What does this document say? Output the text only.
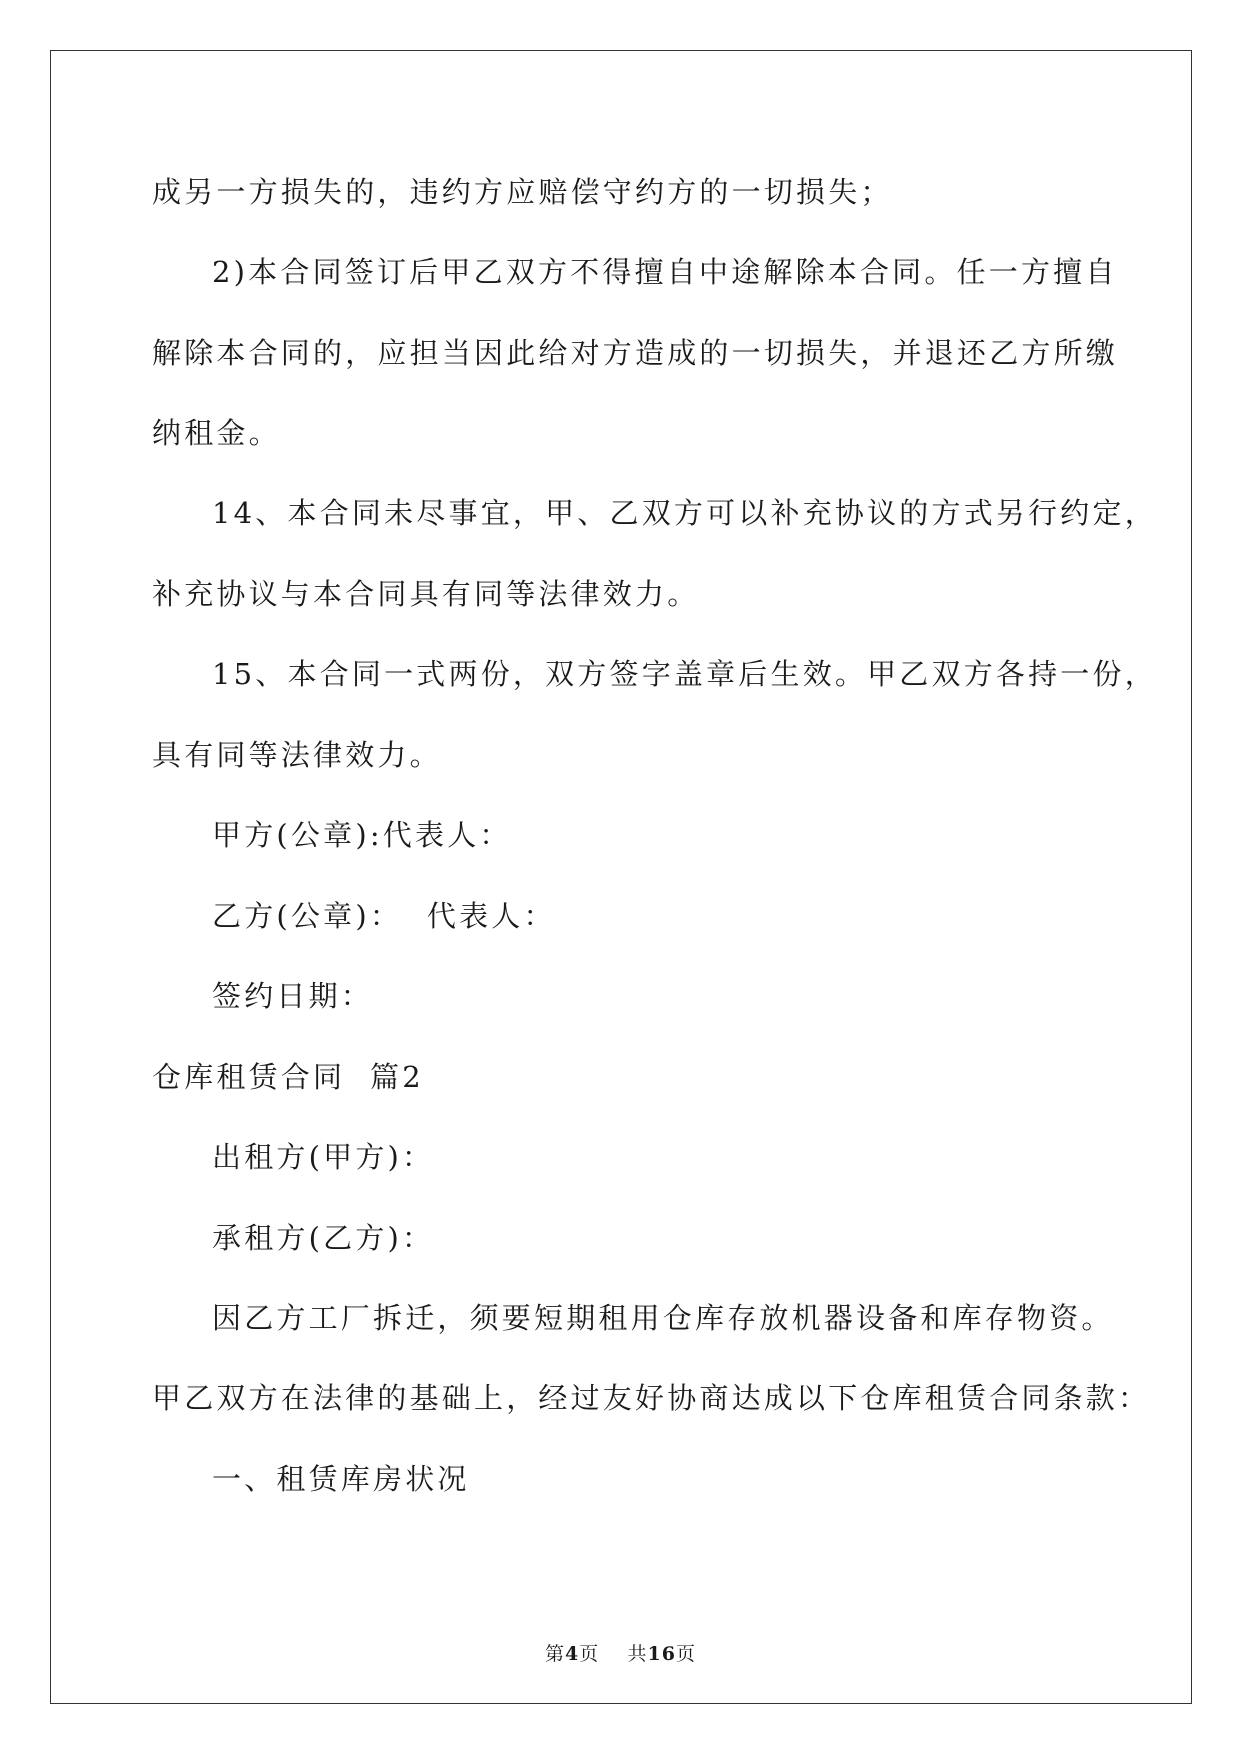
成另一方损失的，违约方应赔偿守约方的一切损失；
2)本合同签订后甲乙双方不得擅自中途解除本合同。任一方擅自
解除本合同的，应担当因此给对方造成的一切损失，并退还乙方所缴
纳租金。
14、本合同未尽事宜，甲、乙双方可以补充协议的方式另行约定，
补充协议与本合同具有同等法律效力。
15、本合同一式两份，双方签字盖章后生效。甲乙双方各持一份，
具有同等法律效力。
甲方(公章):代表人：
乙方(公章)：  代表人：
签约日期：
仓库租赁合同  篇2
出租方(甲方)：
承租方(乙方)：
因乙方工厂拆迁，须要短期租用仓库存放机器设备和库存物资。
甲乙双方在法律的基础上，经过友好协商达成以下仓库租赁合同条款：
一、租赁库房状况
第4页 共16页
